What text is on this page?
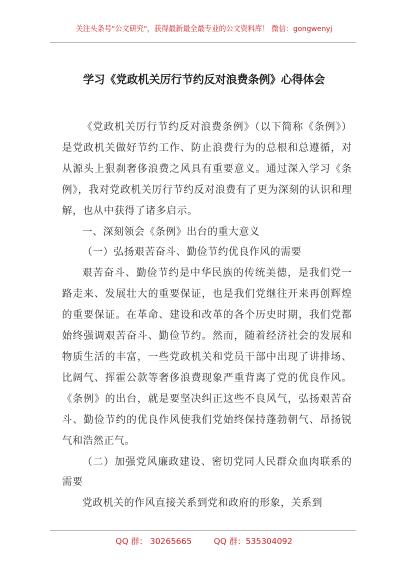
关注头条号"公文研究"，获得最新最全最专业的公文资料库！ 微信：gongwenyj
学习《党政机关厉行节约反对浪费条例》心得体会

《党政机关厉行节约反对浪费条例》（以下简称《条例》）是党政机关做好节约工作、防止浪费行为的总根和总遵循，对从源头上狠刹奢侈浪费之风具有重要意义。通过深入学习《条例》，我对党政机关厉行节约反对浪费有了更为深刻的认识和理解，也从中获得了诸多启示。

一、深刻领会《条例》出台的重大意义

（一）弘扬艰苦奋斗、勤俭节约优良作风的需要

艰苦奋斗、勤俭节约是中华民族的传统美德，是我们党一路走来、发展壮大的重要保证，也是我们党继往开来再创辉煌的重要保证。在革命、建设和改革的各个历史时期，我们党都始终强调艰苦奋斗、勤俭节约。然而，随着经济社会的发展和物质生活的丰富，一些党政机关和党员干部中出现了讲排场、比阔气、挥霍公款等奢侈浪费现象严重背离了党的优良作风。《条例》的出台，就是要坚决纠正这些不良风气，弘扬艰苦奋斗、勤俭节约的优良作风使我们党始终保持蓬勃朝气、昂扬锐气和浩然正气。

（二）加强党风廉政建设、密切党同人民群众血肉联系的需要

党政机关的作风直接关系到党和政府的形象，关系到

QQ 群： 30265665	QQ 群：535304092
